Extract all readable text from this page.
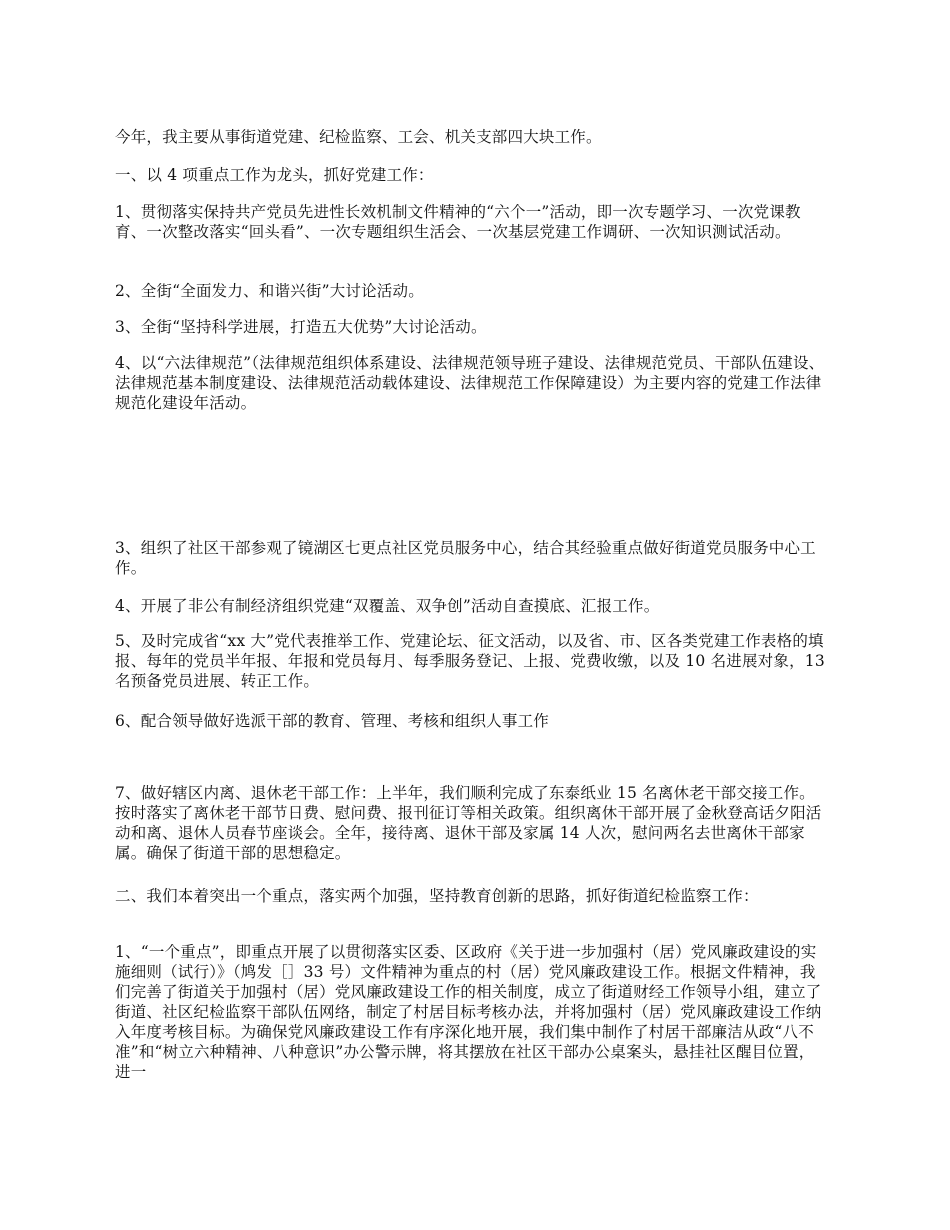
今年，我主要从事街道党建、纪检监察、工会、机关支部四大块工作。

一、以 4 项重点工作为龙头，抓好党建工作：

1、贯彻落实保持共产党员先进性长效机制文件精神的“六个一”活动，即一次专题学习、一次党课教育、一次整改落实“回头看”、一次专题组织生活会、一次基层党建工作调研、一次知识测试活动。

2、全街“全面发力、和谐兴街”大讨论活动。

3、全街“坚持科学进展，打造五大优势”大讨论活动。

4、以“六法律规范”（法律规范组织体系建设、法律规范领导班子建设、法律规范党员、干部队伍建设、法律规范基本制度建设、法律规范活动载体建设、法律规范工作保障建设）为主要内容的党建工作法律规范化建设年活动。

3、组织了社区干部参观了镜湖区七更点社区党员服务中心，结合其经验重点做好街道党员服务中心工作。

4、开展了非公有制经济组织党建“双覆盖、双争创”活动自查摸底、汇报工作。

5、及时完成省“xx 大”党代表推举工作、党建论坛、征文活动，以及省、市、区各类党建工作表格的填报、每年的党员半年报、年报和党员每月、每季服务登记、上报、党费收缴，以及 10 名进展对象，13 名预备党员进展、转正工作。

6、配合领导做好选派干部的教育、管理、考核和组织人事工作

7、做好辖区内离、退休老干部工作：上半年，我们顺利完成了东泰纸业 15 名离休老干部交接工作。按时落实了离休老干部节日费、慰问费、报刊征订等相关政策。组织离休干部开展了金秋登高话夕阳活动和离、退休人员春节座谈会。全年，接待离、退休干部及家属 14 人次，慰问两名去世离休干部家属。确保了街道干部的思想稳定。

二、我们本着突出一个重点，落实两个加强，坚持教育创新的思路，抓好街道纪检监察工作：

1、“一个重点”，即重点开展了以贯彻落实区委、区政府《关于进一步加强村（居）党风廉政建设的实施细则（试行）》（鸠发［］33 号）文件精神为重点的村（居）党风廉政建设工作。根据文件精神，我们完善了街道关于加强村（居）党风廉政建设工作的相关制度，成立了街道财经工作领导小组，建立了街道、社区纪检监察干部队伍网络，制定了村居目标考核办法，并将加强村（居）党风廉政建设工作纳入年度考核目标。为确保党风廉政建设工作有序深化地开展，我们集中制作了村居干部廉洁从政“八不准”和“树立六种精神、八种意识”办公警示牌，将其摆放在社区干部办公桌案头，悬挂社区醒目位置，进一
